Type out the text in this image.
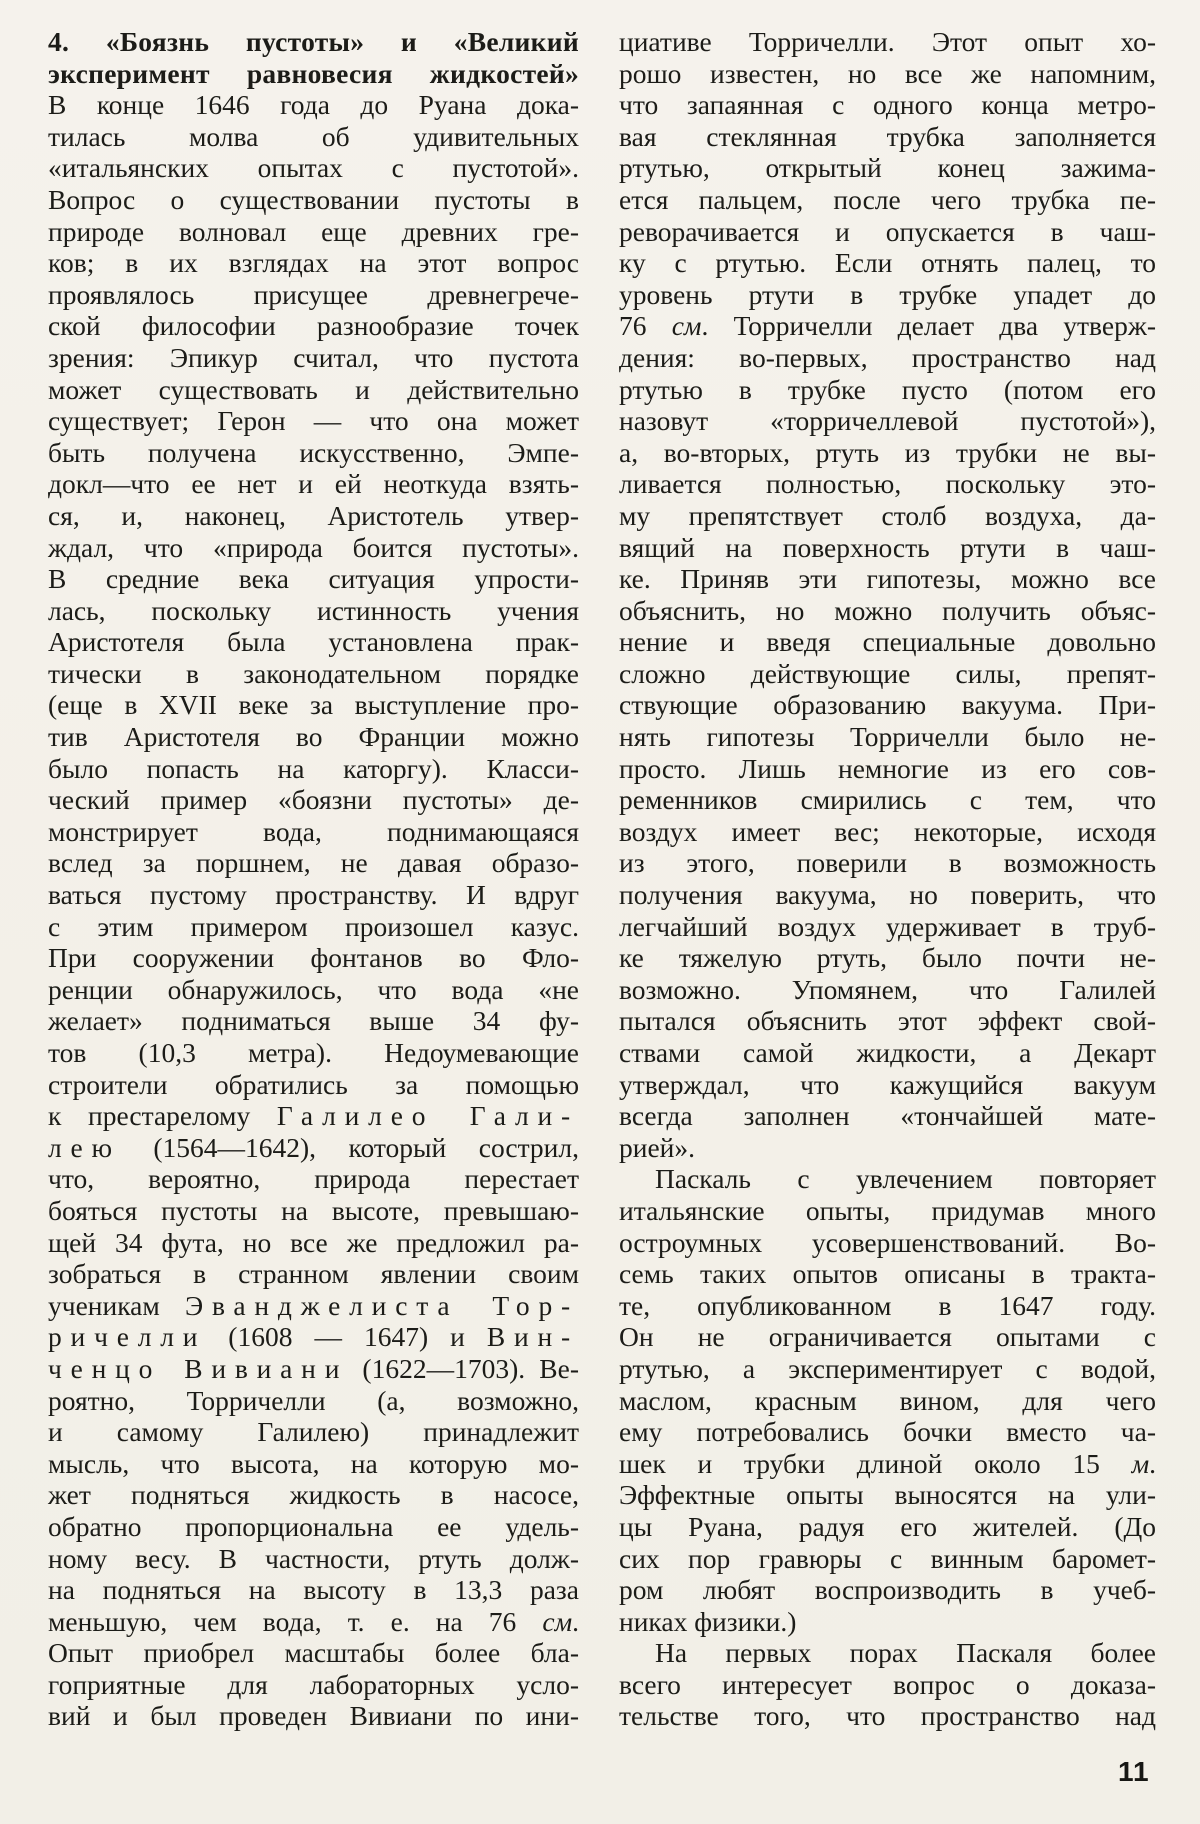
4. «Боязнь пустоты» и «Великий
эксперимент равновесия жидкостей»
В конце 1646 года до Руана дока-
тилась молва об удивительных
«итальянских опытах с пустотой».
Вопрос о существовании пустоты в
природе волновал еще древних гре-
ков; в их взглядах на этот вопрос
проявлялось присущее древнегрече-
ской философии разнообразие точек
зрения: Эпикур считал, что пустота
может существовать и действительно
существует; Герон — что она может
быть получена искусственно, Эмпе-
докл—что ее нет и ей неоткуда взять-
ся, и, наконец, Аристотель утвер-
ждал, что «природа боится пустоты».
В средние века ситуация упрости-
лась, поскольку истинность учения
Аристотеля была установлена прак-
тически в законодательном порядке
(еще в XVII веке за выступление про-
тив Аристотеля во Франции можно
было попасть на каторгу). Класси-
ческий пример «боязни пустоты» де-
монстрирует вода, поднимающаяся
вслед за поршнем, не давая образо-
ваться пустому пространству. И вдруг
с этим примером произошел казус.
При сооружении фонтанов во Фло-
ренции обнаружилось, что вода «не
желает» подниматься выше 34 фу-
тов (10,3 метра). Недоумевающие
строители обратились за помощью
к престарелому Галилео Гали-
лею (1564—1642), который сострил,
что, вероятно, природа перестает
бояться пустоты на высоте, превышаю-
щей 34 фута, но все же предложил ра-
зобраться в странном явлении своим
ученикам Эванджелиста Тор-
ричелли (1608 — 1647) и Вин-
ченцо Вивиани (1622—1703). Ве-
роятно, Торричелли (а, возможно,
и самому Галилею) принадлежит
мысль, что высота, на которую мо-
жет подняться жидкость в насосе,
обратно пропорциональна ее удель-
ному весу. В частности, ртуть долж-
на подняться на высоту в 13,3 раза
меньшую, чем вода, т. е. на 76 см.
Опыт приобрел масштабы более бла-
гоприятные для лабораторных усло-
вий и был проведен Вивиани по ини-
циативе Торричелли. Этот опыт хо-
рошо известен, но все же напомним,
что запаянная с одного конца метро-
вая стеклянная трубка заполняется
ртутью, открытый конец зажима-
ется пальцем, после чего трубка пе-
реворачивается и опускается в чаш-
ку с ртутью. Если отнять палец, то
уровень ртути в трубке упадет до
76 см. Торричелли делает два утверж-
дения: во-первых, пространство над
ртутью в трубке пусто (потом его
назовут «торричеллевой пустотой»),
а, во-вторых, ртуть из трубки не вы-
ливается полностью, поскольку это-
му препятствует столб воздуха, да-
вящий на поверхность ртути в чаш-
ке. Приняв эти гипотезы, можно все
объяснить, но можно получить объяс-
нение и введя специальные довольно
сложно действующие силы, препят-
ствующие образованию вакуума. При-
нять гипотезы Торричелли было не-
просто. Лишь немногие из его сов-
ременников смирились с тем, что
воздух имеет вес; некоторые, исходя
из этого, поверили в возможность
получения вакуума, но поверить, что
легчайший воздух удерживает в труб-
ке тяжелую ртуть, было почти не-
возможно. Упомянем, что Галилей
пытался объяснить этот эффект свой-
ствами самой жидкости, а Декарт
утверждал, что кажущийся вакуум
всегда заполнен «тончайшей мате-
рией».
Паскаль с увлечением повторяет
итальянские опыты, придумав много
остроумных усовершенствований. Во-
семь таких опытов описаны в тракта-
те, опубликованном в 1647 году.
Он не ограничивается опытами с
ртутью, а экспериментирует с водой,
маслом, красным вином, для чего
ему потребовались бочки вместо ча-
шек и трубки длиной около 15 м.
Эффектные опыты выносятся на ули-
цы Руана, радуя его жителей. (До
сих пор гравюры с винным баромет-
ром любят воспроизводить в учеб-
никах физики.)
На первых порах Паскаля более
всего интересует вопрос о доказа-
тельстве того, что пространство над
11
